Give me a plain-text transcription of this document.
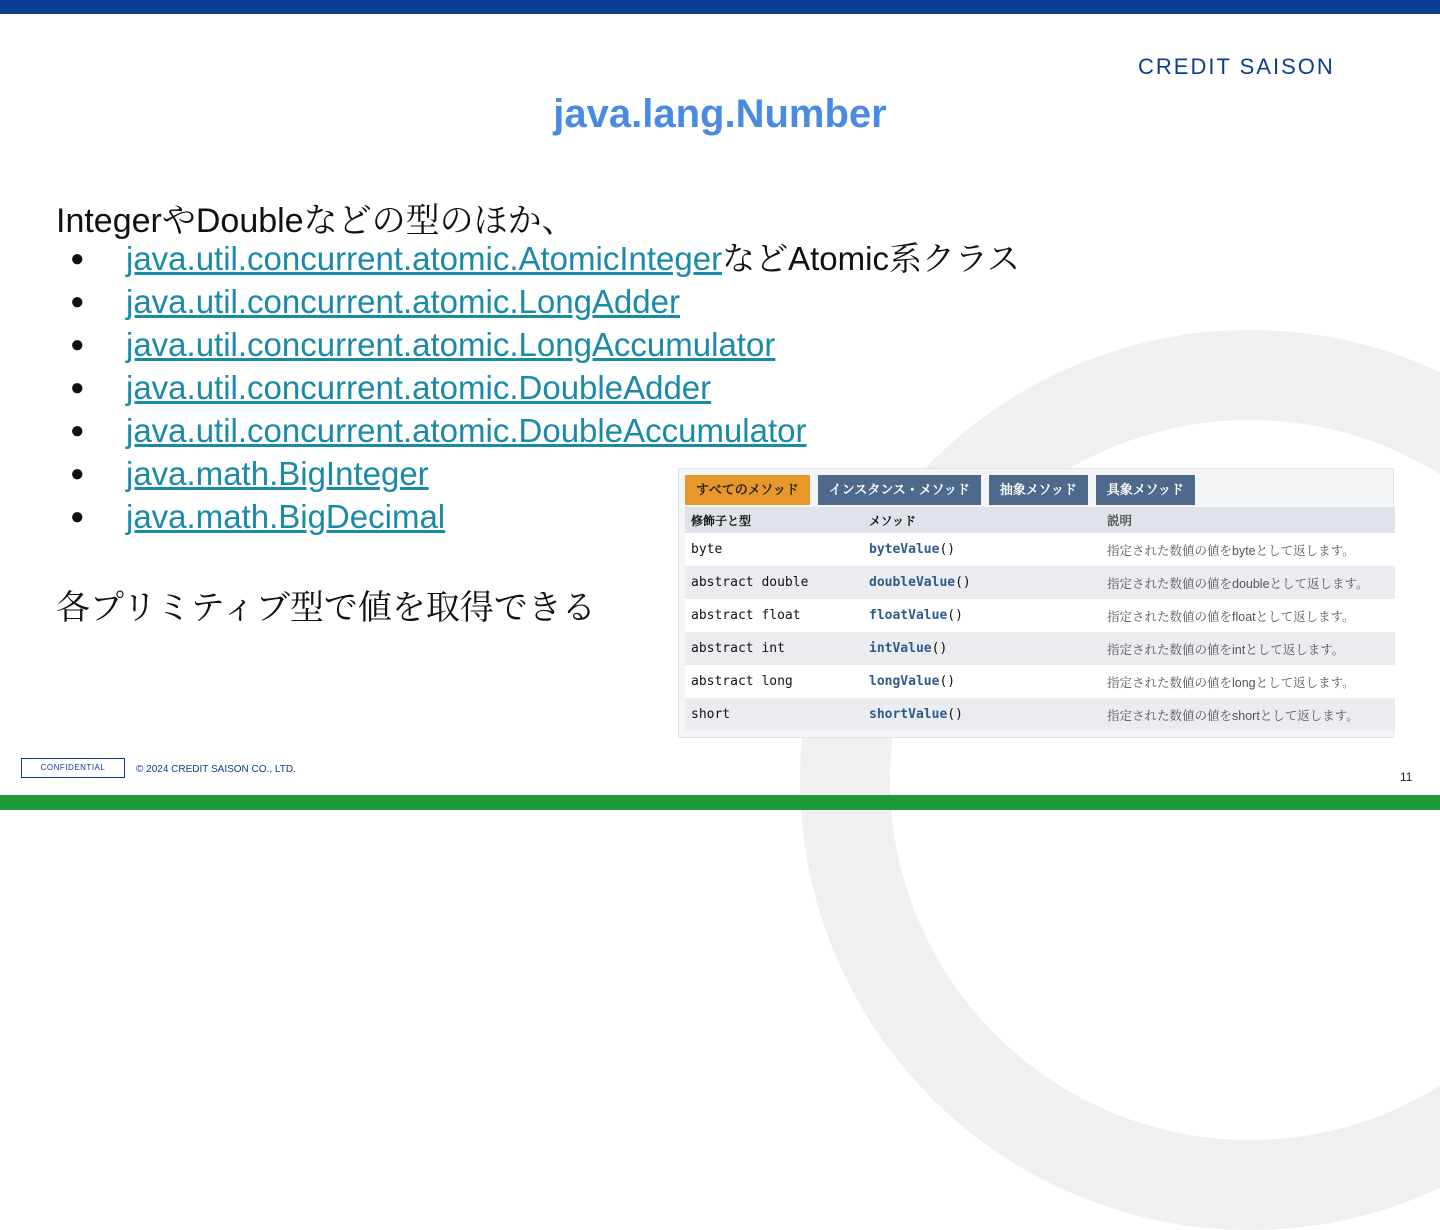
CREDIT SAISON
java.lang.Number
IntegerやDoubleなどの型のほか、
●	java.util.concurrent.atomic.AtomicInteger などAtomic系クラス
●	java.util.concurrent.atomic.LongAdder
●	java.util.concurrent.atomic.LongAccumulator
●	java.util.concurrent.atomic.DoubleAdder
●	java.util.concurrent.atomic.DoubleAccumulator
●	java.math.BigInteger
●	java.math.BigDecimal
各プリミティブ型で値を取得できる
すべてのメソッド	インスタンス・メソッド	抽象メソッド	具象メソッド
修飾子と型	メソッド	説明
byte	byteValue()	指定された数値の値をbyteとして返します。
abstract double	doubleValue()	指定された数値の値をdoubleとして返します。
abstract float	floatValue()	指定された数値の値をfloatとして返します。
abstract int	intValue()	指定された数値の値をintとして返します。
abstract long	longValue()	指定された数値の値をlongとして返します。
short	shortValue()	指定された数値の値をshortとして返します。
CONFIDENTIAL	© 2024 CREDIT SAISON CO., LTD.
11
